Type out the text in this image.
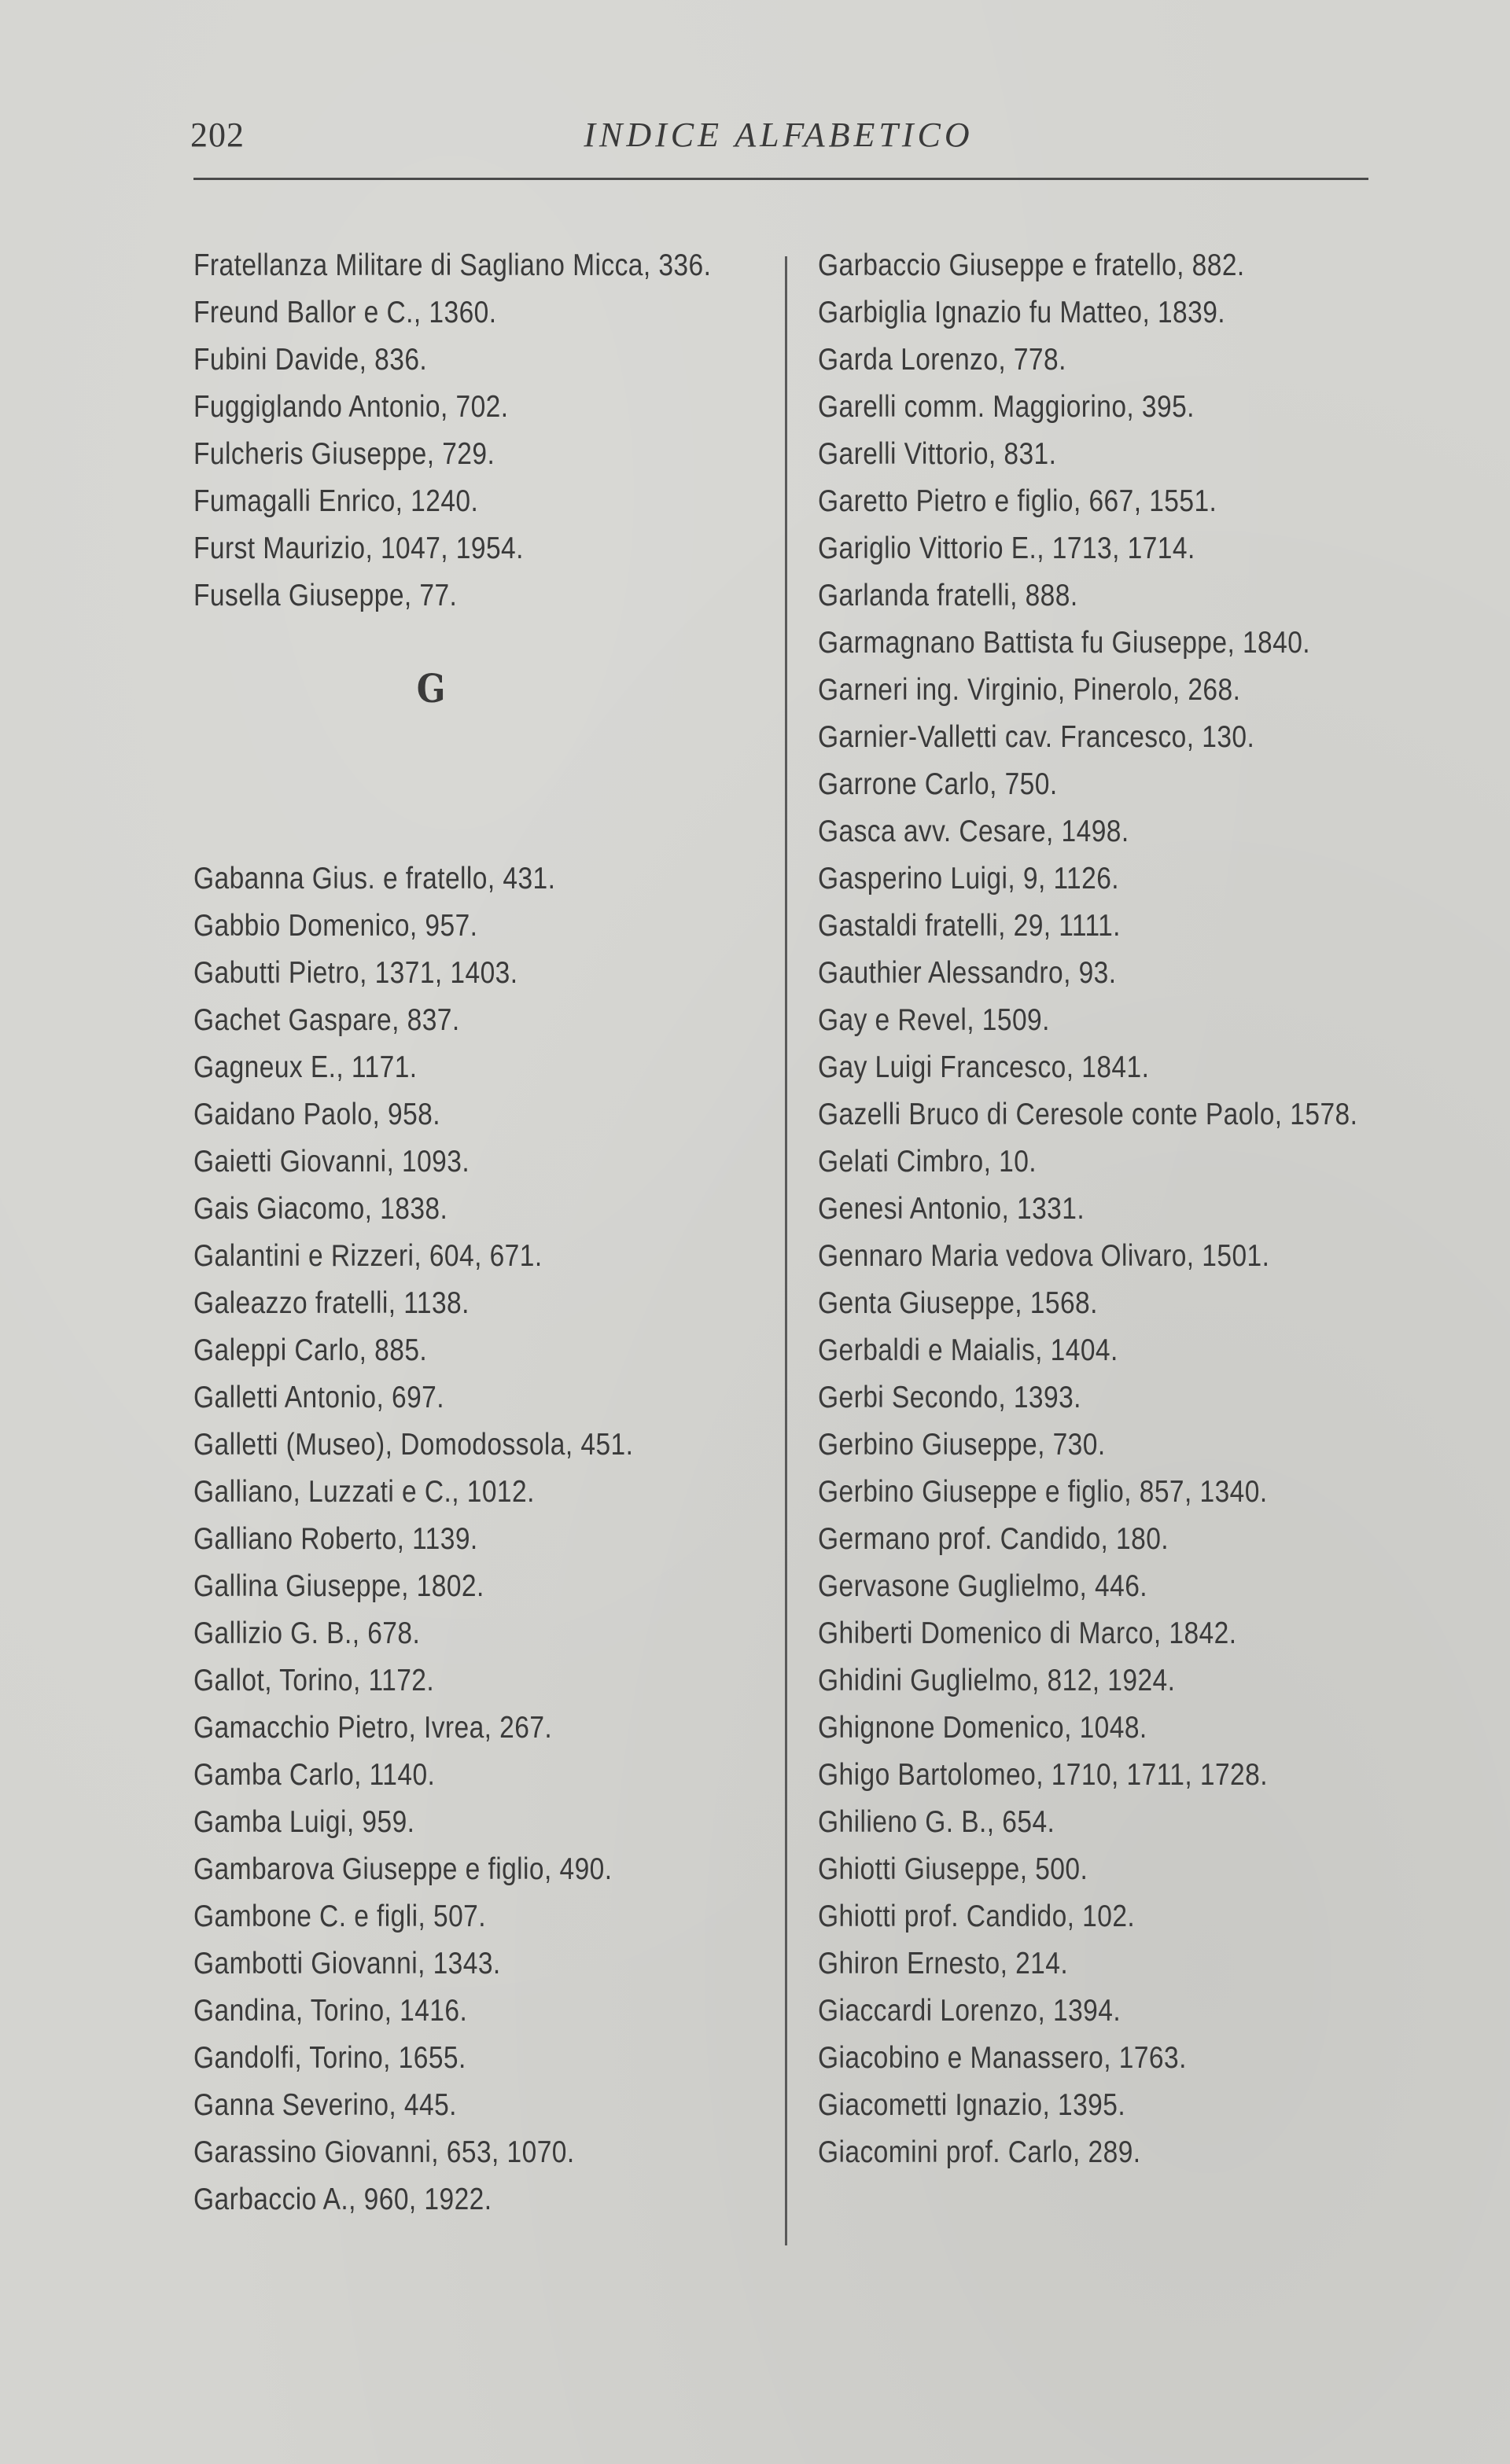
202	INDICE ALFABETICO
Fratellanza Militare di Sagliano Micca, 336.
Freund Ballor e C., 1360.
Fubini Davide, 836.
Fuggiglando Antonio, 702.
Fulcheris Giuseppe, 729.
Fumagalli Enrico, 1240.
Furst Maurizio, 1047, 1954.
Fusella Giuseppe, 77.
G
Gabanna Gius. e fratello, 431.
Gabbio Domenico, 957.
Gabutti Pietro, 1371, 1403.
Gachet Gaspare, 837.
Gagneux E., 1171.
Gaidano Paolo, 958.
Gaietti Giovanni, 1093.
Gais Giacomo, 1838.
Galantini e Rizzeri, 604, 671.
Galeazzo fratelli, 1138.
Galeppi Carlo, 885.
Galletti Antonio, 697.
Galletti (Museo), Domodossola, 451.
Galliano, Luzzati e C., 1012.
Galliano Roberto, 1139.
Gallina Giuseppe, 1802.
Gallizio G. B., 678.
Gallot, Torino, 1172.
Gamacchio Pietro, Ivrea, 267.
Gamba Carlo, 1140.
Gamba Luigi, 959.
Gambarova Giuseppe e figlio, 490.
Gambone C. e figli, 507.
Gambotti Giovanni, 1343.
Gandina, Torino, 1416.
Gandolfi, Torino, 1655.
Ganna Severino, 445.
Garassino Giovanni, 653, 1070.
Garbaccio A., 960, 1922.
Garbaccio Giuseppe e fratello, 882.
Garbiglia Ignazio fu Matteo, 1839.
Garda Lorenzo, 778.
Garelli comm. Maggiorino, 395.
Garelli Vittorio, 831.
Garetto Pietro e figlio, 667, 1551.
Gariglio Vittorio E., 1713, 1714.
Garlanda fratelli, 888.
Garmagnano Battista fu Giuseppe, 1840.
Garneri ing. Virginio, Pinerolo, 268.
Garnier-Valletti cav. Francesco, 130.
Garrone Carlo, 750.
Gasca avv. Cesare, 1498.
Gasperino Luigi, 9, 1126.
Gastaldi fratelli, 29, 1111.
Gauthier Alessandro, 93.
Gay e Revel, 1509.
Gay Luigi Francesco, 1841.
Gazelli Bruco di Ceresole conte Paolo, 1578.
Gelati Cimbro, 10.
Genesi Antonio, 1331.
Gennaro Maria vedova Olivaro, 1501.
Genta Giuseppe, 1568.
Gerbaldi e Maialis, 1404.
Gerbi Secondo, 1393.
Gerbino Giuseppe, 730.
Gerbino Giuseppe e figlio, 857, 1340.
Germano prof. Candido, 180.
Gervasone Guglielmo, 446.
Ghiberti Domenico di Marco, 1842.
Ghidini Guglielmo, 812, 1924.
Ghignone Domenico, 1048.
Ghigo Bartolomeo, 1710, 1711, 1728.
Ghilieno G. B., 654.
Ghiotti Giuseppe, 500.
Ghiotti prof. Candido, 102.
Ghiron Ernesto, 214.
Giaccardi Lorenzo, 1394.
Giacobino e Manassero, 1763.
Giacometti Ignazio, 1395.
Giacomini prof. Carlo, 289.
